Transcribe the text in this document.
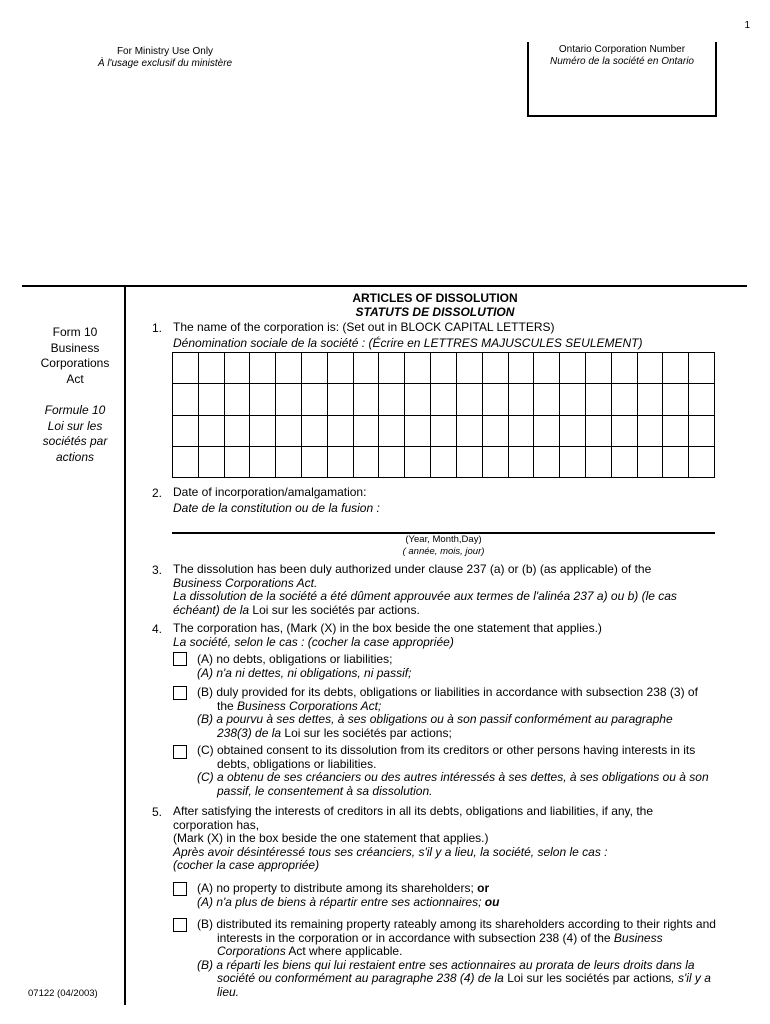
1
For Ministry Use Only
À l'usage exclusif du ministère
Ontario Corporation Number
Numéro de la société en Ontario
Form 10
Business
Corporations
Act
Formule 10
Loi sur les
sociétés par
actions
07122 (04/2003)
ARTICLES OF DISSOLUTION
STATUTS DE DISSOLUTION
1. The name of the corporation is: (Set out in BLOCK CAPITAL LETTERS)
Dénomination sociale de la société : (Écrire en LETTRES MAJUSCULES SEULEMENT)
2. Date of incorporation/amalgamation:
Date de la constitution ou de la fusion :
(Year, Month,Day)
( année, mois, jour)
3. The dissolution has been duly authorized under clause 237 (a) or (b) (as applicable) of the
Business Corporations Act.
La dissolution de la société a été dûment approuvée aux termes de l'alinéa 237 a) ou b) (le cas
échéant) de la Loi sur les sociétés par actions.
4. The corporation has, (Mark (X) in the box beside the one statement that applies.)
La société, selon le cas : (cocher la case appropriée)
(A) no debts, obligations or liabilities;
(A) n'a ni dettes, ni obligations, ni passif;
(B) duly provided for its debts, obligations or liabilities in accordance with subsection 238 (3) of
the Business Corporations Act;
(B) a pourvu à ses dettes, à ses obligations ou à son passif conformément au paragraphe
238(3) de la Loi sur les sociétés par actions;
(C) obtained consent to its dissolution from its creditors or other persons having interests in its
debts, obligations or liabilities.
(C) a obtenu de ses créanciers ou des autres intéressés à ses dettes, à ses obligations ou à son
passif, le consentement à sa dissolution.
5. After satisfying the interests of creditors in all its debts, obligations and liabilities, if any, the
corporation has,
(Mark (X) in the box beside the one statement that applies.)
Après avoir désintéressé tous ses créanciers, s'il y a lieu, la société, selon le cas :
(cocher la case appropriée)
(A) no property to distribute among its shareholders; or
(A) n'a plus de biens à répartir entre ses actionnaires; ou
(B) distributed its remaining property rateably among its shareholders according to their rights and
interests in the corporation or in accordance with subsection 238 (4) of the Business
Corporations Act where applicable.
(B) a réparti les biens qui lui restaient entre ses actionnaires au prorata de leurs droits dans la
société ou conformément au paragraphe 238 (4) de la Loi sur les sociétés par actions, s'il y a
lieu.
